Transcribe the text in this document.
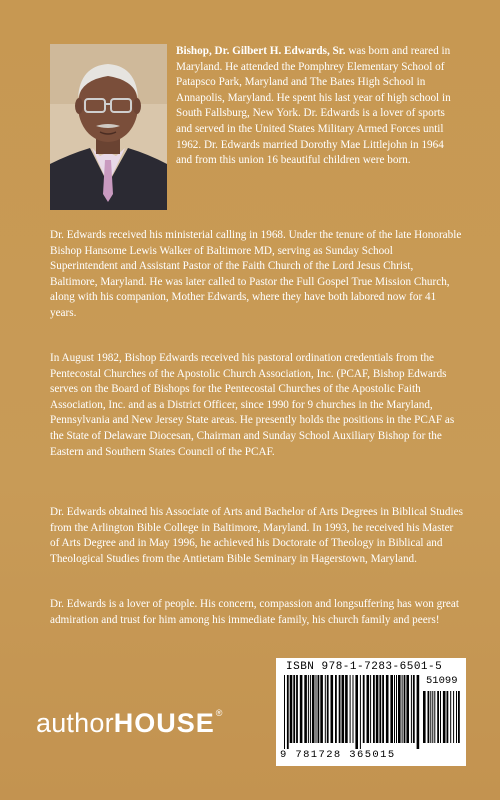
Bishop, Dr. Gilbert H. Edwards, Sr. was born and reared in Maryland. He attended the Pomphrey Elementary School of Patapsco Park, Maryland and The Bates High School in Annapolis, Maryland. He spent his last year of high school in South Fallsburg, New York. Dr. Edwards is a lover of sports and served in the United States Military Armed Forces until 1962. Dr. Edwards married Dorothy Mae Littlejohn in 1964 and from this union 16 beautiful children were born.

Dr. Edwards received his ministerial calling in 1968. Under the tenure of the late Honorable Bishop Hansome Lewis Walker of Baltimore MD, serving as Sunday School Superintendent and Assistant Pastor of the Faith Church of the Lord Jesus Christ, Baltimore, Maryland. He was later called to Pastor the Full Gospel True Mission Church, along with his companion, Mother Edwards, where they have both labored now for 41 years.

In August 1982, Bishop Edwards received his pastoral ordination credentials from the Pentecostal Churches of the Apostolic Church Association, Inc. (PCAF, Bishop Edwards serves on the Board of Bishops for the Pentecostal Churches of the Apostolic Faith Association, Inc. and as a District Officer, since 1990 for 9 churches in the Maryland, Pennsylvania and New Jersey State areas. He presently holds the positions in the PCAF as the State of Delaware Diocesan, Chairman and Sunday School Auxiliary Bishop for the Eastern and Southern States Council of the PCAF.

Dr. Edwards obtained his Associate of Arts and Bachelor of Arts Degrees in Biblical Studies from the Arlington Bible College in Baltimore, Maryland. In 1993, he received his Master of Arts Degree and in May 1996, he achieved his Doctorate of Theology in Biblical and Theological Studies from the Antietam Bible Seminary in Hagerstown, Maryland.

Dr. Edwards is a lover of people. His concern, compassion and longsuffering has won great admiration and trust for him among his immediate family, his church family and peers!

authorHOUSE®
ISBN 978-1-7283-6501-5
51099
9 781728 365015
